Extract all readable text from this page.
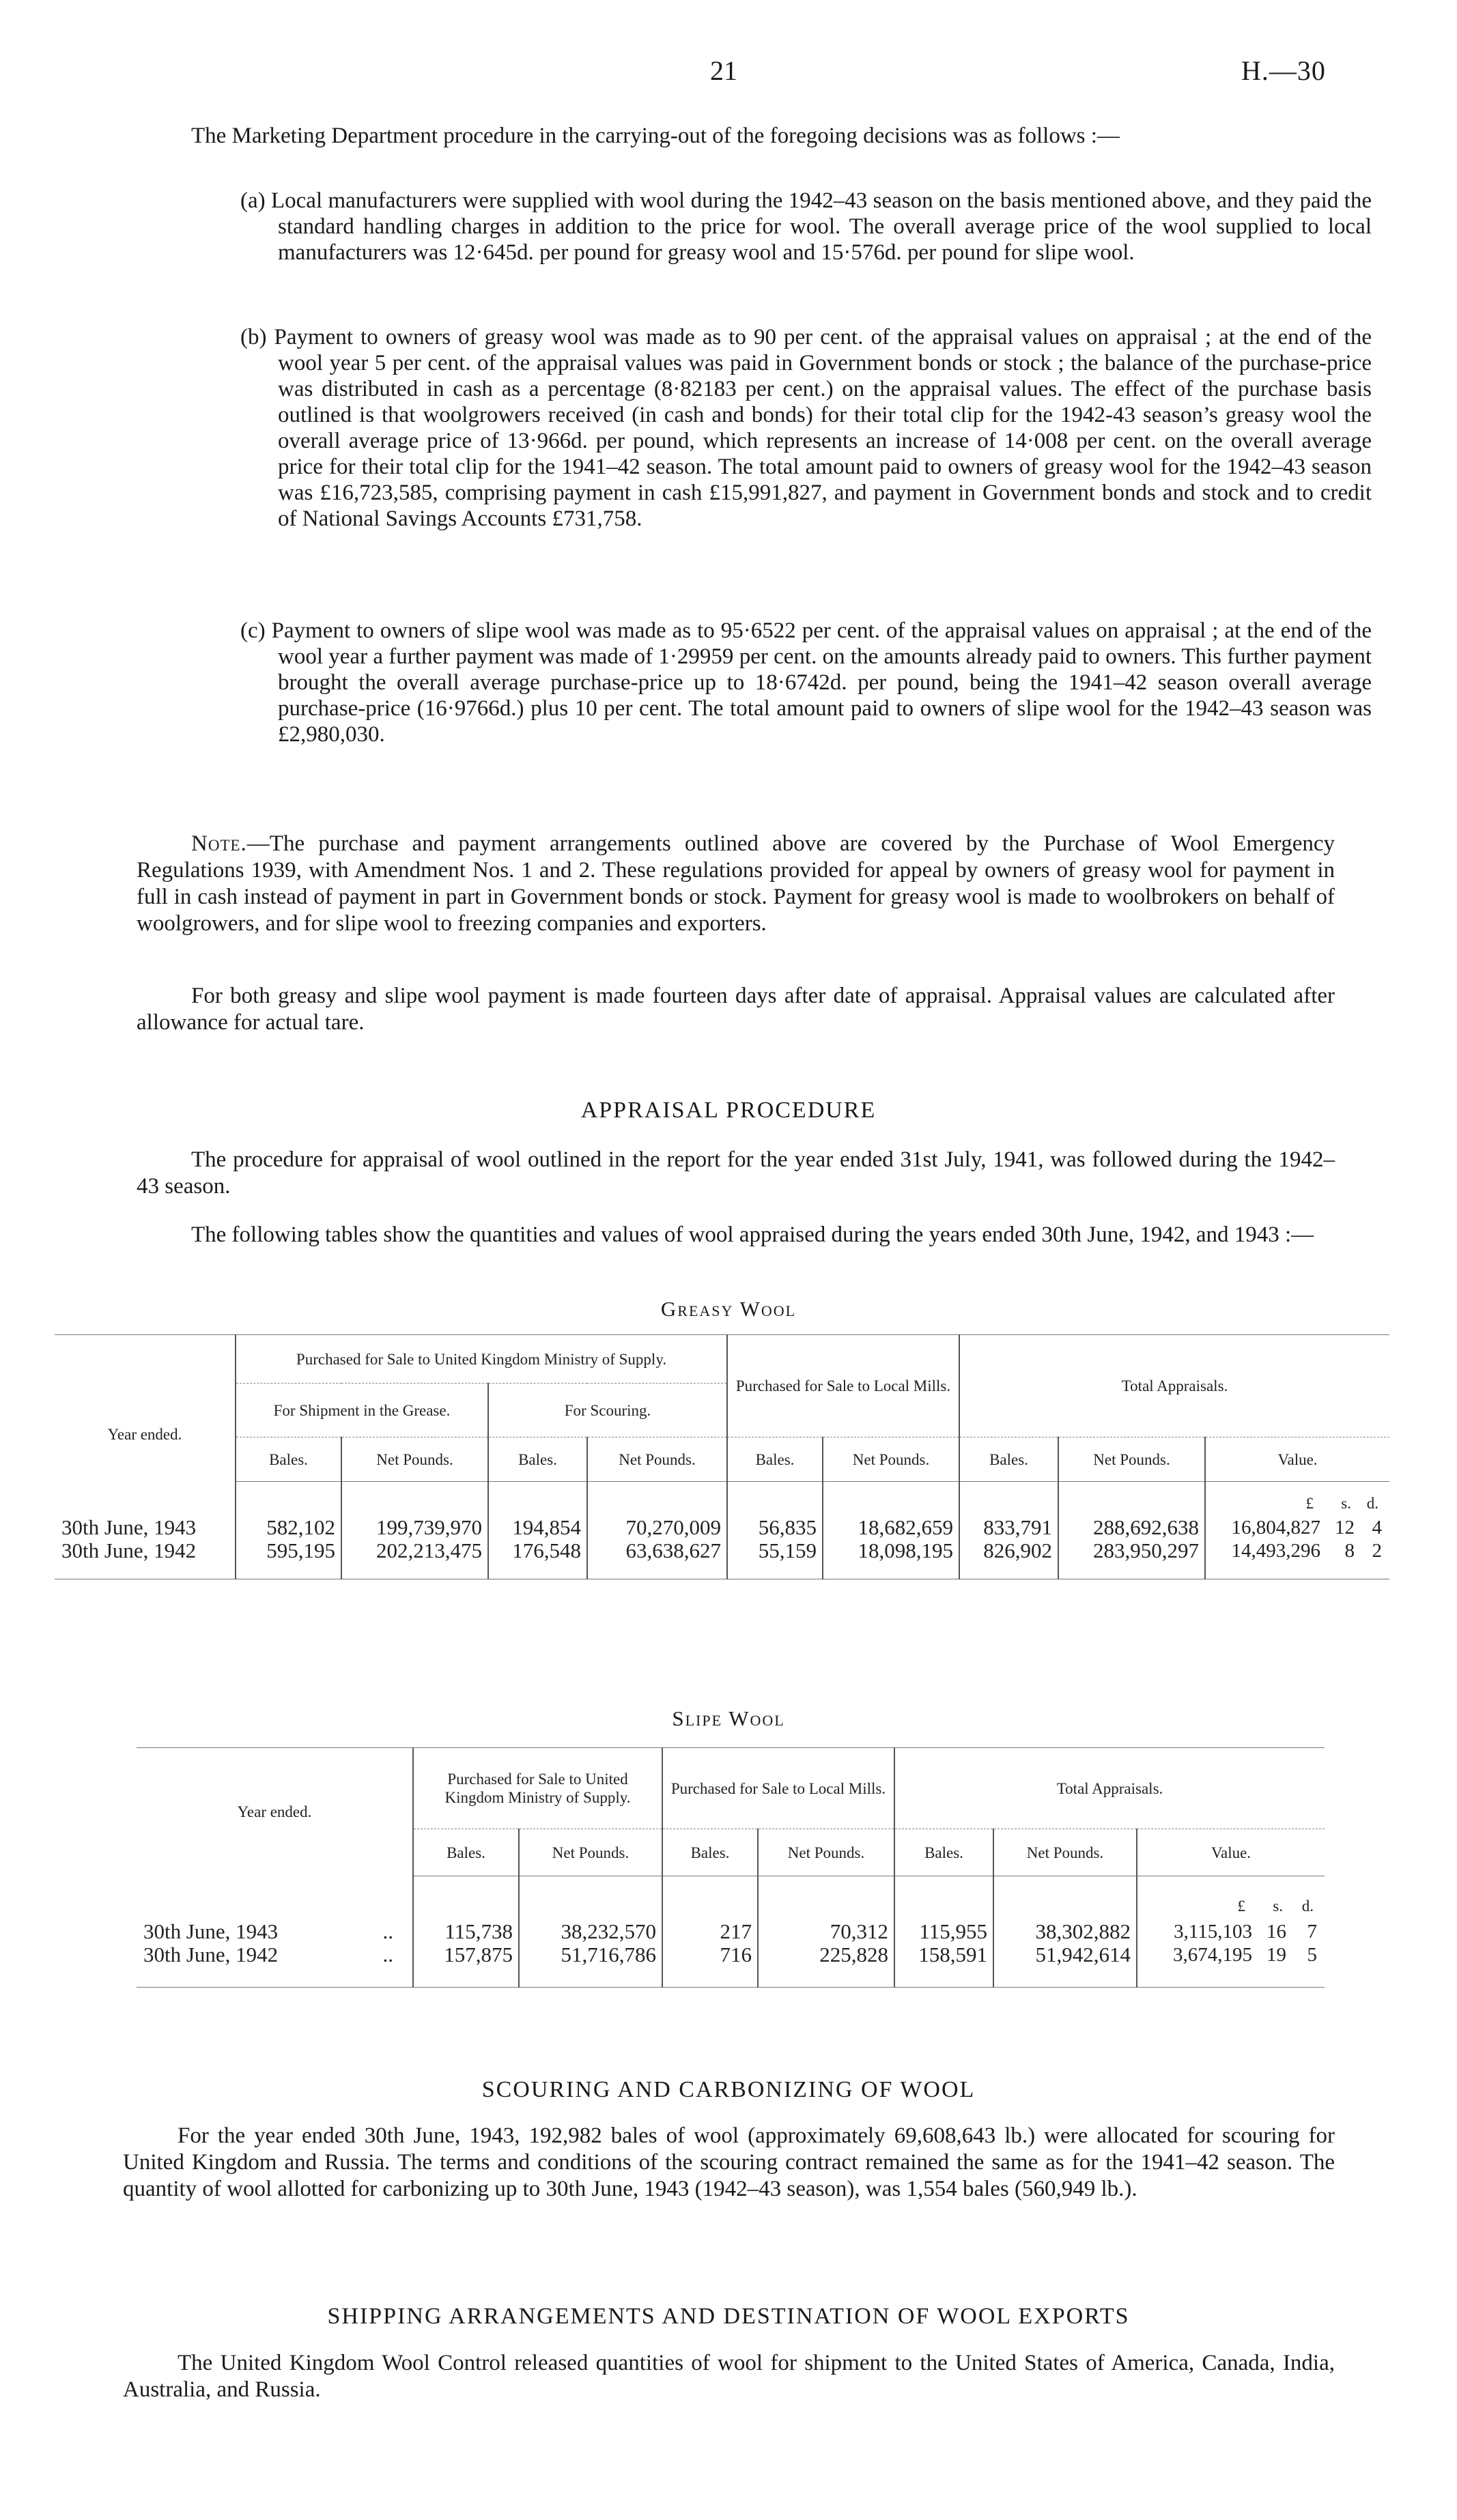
21	H.—30
The Marketing Department procedure in the carrying-out of the foregoing decisions was as follows :—
(a) Local manufacturers were supplied with wool during the 1942–43 season on the basis mentioned above, and they paid the standard handling charges in addition to the price for wool. The overall average price of the wool supplied to local manufacturers was 12·645d. per pound for greasy wool and 15·576d. per pound for slipe wool.
(b) Payment to owners of greasy wool was made as to 90 per cent. of the appraisal values on appraisal ; at the end of the wool year 5 per cent. of the appraisal values was paid in Government bonds or stock ; the balance of the purchase-price was distributed in cash as a percentage (8·82183 per cent.) on the appraisal values. The effect of the purchase basis outlined is that woolgrowers received (in cash and bonds) for their total clip for the 1942-43 season’s greasy wool the overall average price of 13·966d. per pound, which represents an increase of 14·008 per cent. on the overall average price for their total clip for the 1941–42 season. The total amount paid to owners of greasy wool for the 1942–43 season was £16,723,585, comprising payment in cash £15,991,827, and payment in Government bonds and stock and to credit of National Savings Accounts £731,758.
(c) Payment to owners of slipe wool was made as to 95·6522 per cent. of the appraisal values on appraisal ; at the end of the wool year a further payment was made of 1·29959 per cent. on the amounts already paid to owners. This further payment brought the overall average purchase-price up to 18·6742d. per pound, being the 1941–42 season overall average purchase-price (16·9766d.) plus 10 per cent. The total amount paid to owners of slipe wool for the 1942–43 season was £2,980,030.
Note.—The purchase and payment arrangements outlined above are covered by the Purchase of Wool Emergency Regulations 1939, with Amendment Nos. 1 and 2. These regulations provided for appeal by owners of greasy wool for payment in full in cash instead of payment in part in Government bonds or stock. Payment for greasy wool is made to woolbrokers on behalf of woolgrowers, and for slipe wool to freezing companies and exporters.
For both greasy and slipe wool payment is made fourteen days after date of appraisal. Appraisal values are calculated after allowance for actual tare.
APPRAISAL PROCEDURE
The procedure for appraisal of wool outlined in the report for the year ended 31st July, 1941, was followed during the 1942–43 season.
The following tables show the quantities and values of wool appraised during the years ended 30th June, 1942, and 1943 :—
Greasy Wool
Year ended.	Purchased for Sale to United Kingdom Ministry of Supply.				Purchased for Sale to Local Mills.		Total Appraisals.		
	For Shipment in the Grease.		For Scouring.						
	Bales.	Net Pounds.	Bales.	Net Pounds.	Bales.	Net Pounds.	Bales.	Net Pounds.	Value.
									£ s. d.
30th June, 1943	582,102	199,739,970	194,854	70,270,009	56,835	18,682,659	833,791	288,692,638	16,804,827 12 4
30th June, 1942	595,195	202,213,475	176,548	63,638,627	55,159	18,098,195	826,902	283,950,297	14,493,296 8 2
Slipe Wool
Year ended.	Purchased for Sale to United Kingdom Ministry of Supply.		Purchased for Sale to Local Mills.		Total Appraisals.		
	Bales.	Net Pounds.	Bales.	Net Pounds.	Bales.	Net Pounds.	Value.
							£ s. d.
30th June, 1943 ..	115,738	38,232,570	217	70,312	115,955	38,302,882	3,115,103 16 7
30th June, 1942 ..	157,875	51,716,786	716	225,828	158,591	51,942,614	3,674,195 19 5
SCOURING AND CARBONIZING OF WOOL
For the year ended 30th June, 1943, 192,982 bales of wool (approximately 69,608,643 lb.) were allocated for scouring for United Kingdom and Russia. The terms and conditions of the scouring contract remained the same as for the 1941–42 season. The quantity of wool allotted for carbonizing up to 30th June, 1943 (1942–43 season), was 1,554 bales (560,949 lb.).
SHIPPING ARRANGEMENTS AND DESTINATION OF WOOL EXPORTS
The United Kingdom Wool Control released quantities of wool for shipment to the United States of America, Canada, India, Australia, and Russia.
